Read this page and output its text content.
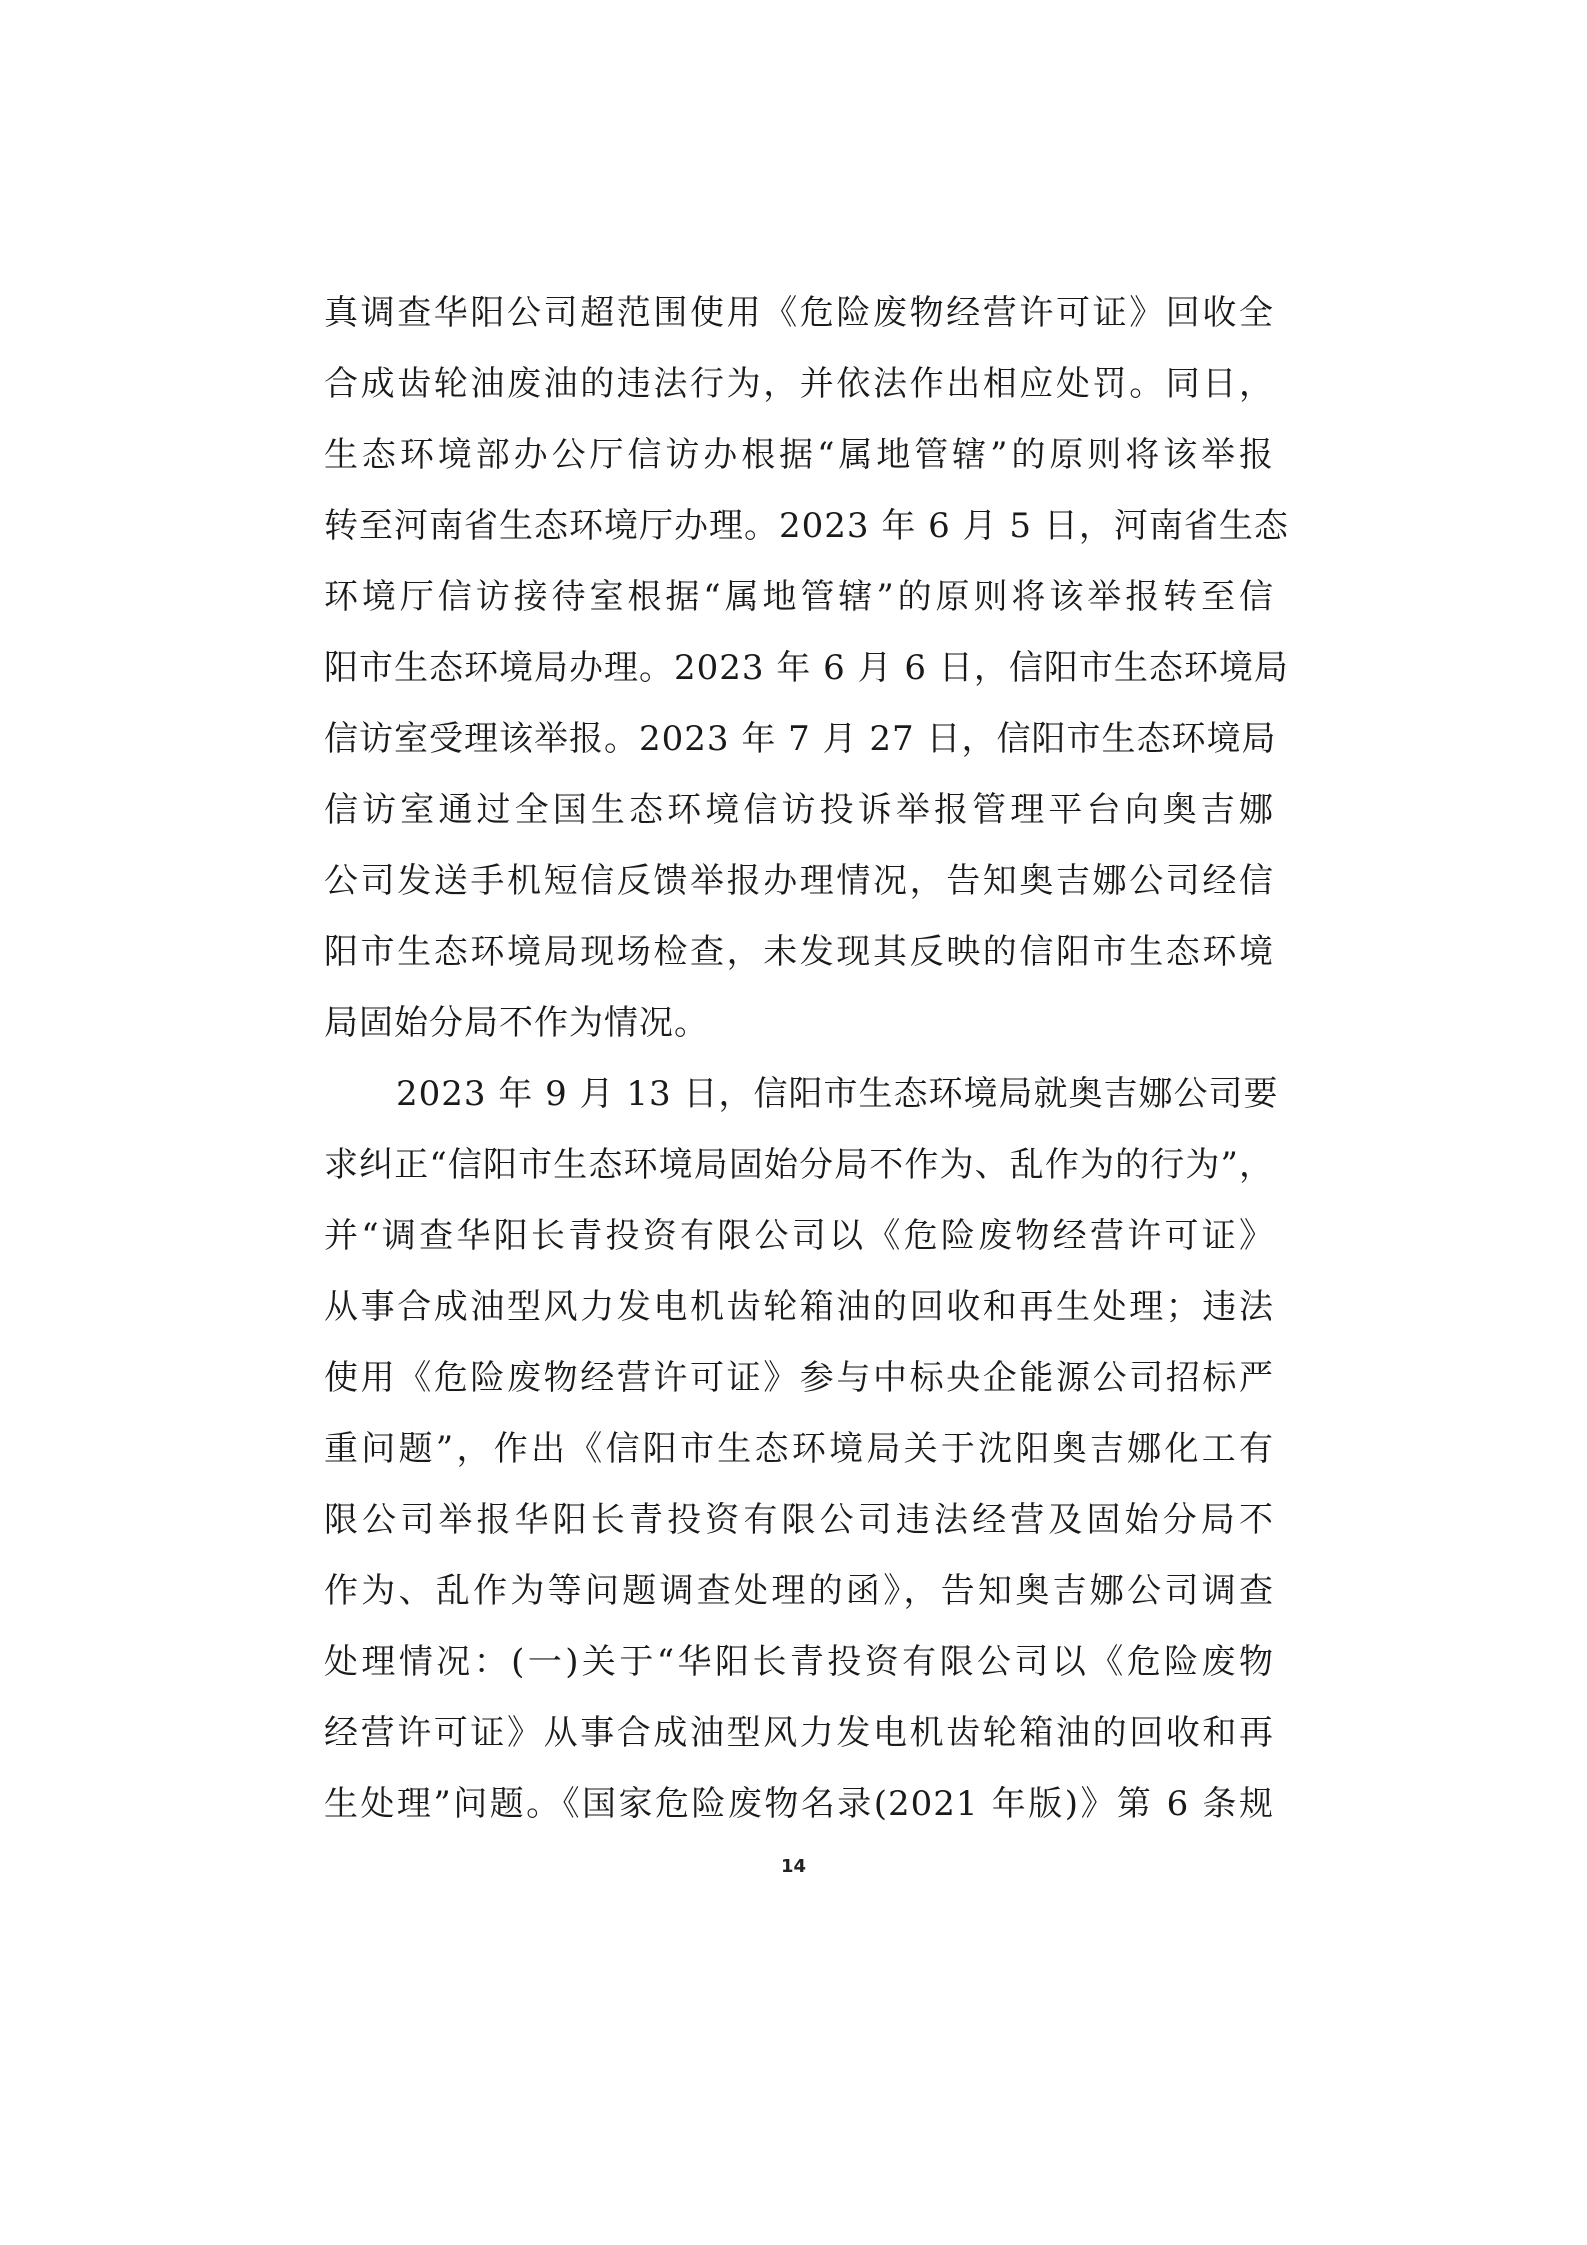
真调查华阳公司超范围使用《危险废物经营许可证》回收全
合成齿轮油废油的违法行为，并依法作出相应处罚。同日，
生态环境部办公厅信访办根据“属地管辖”的原则将该举报
转至河南省生态环境厅办理。2023 年 6 月 5 日，河南省生态
环境厅信访接待室根据“属地管辖”的原则将该举报转至信
阳市生态环境局办理。2023 年 6 月 6 日，信阳市生态环境局
信访室受理该举报。2023 年 7 月 27 日，信阳市生态环境局
信访室通过全国生态环境信访投诉举报管理平台向奥吉娜
公司发送手机短信反馈举报办理情况，告知奥吉娜公司经信
阳市生态环境局现场检查，未发现其反映的信阳市生态环境
局固始分局不作为情况。
2023 年 9 月 13 日，信阳市生态环境局就奥吉娜公司要
求纠正“信阳市生态环境局固始分局不作为、乱作为的行为”，
并“调查华阳长青投资有限公司以《危险废物经营许可证》
从事合成油型风力发电机齿轮箱油的回收和再生处理；违法
使用《危险废物经营许可证》参与中标央企能源公司招标严
重问题”，作出《信阳市生态环境局关于沈阳奥吉娜化工有
限公司举报华阳长青投资有限公司违法经营及固始分局不
作为、乱作为等问题调查处理的函》，告知奥吉娜公司调查
处理情况：(一)关于“华阳长青投资有限公司以《危险废物
经营许可证》从事合成油型风力发电机齿轮箱油的回收和再
生处理”问题。《国家危险废物名录(2021 年版)》第 6 条规
14
